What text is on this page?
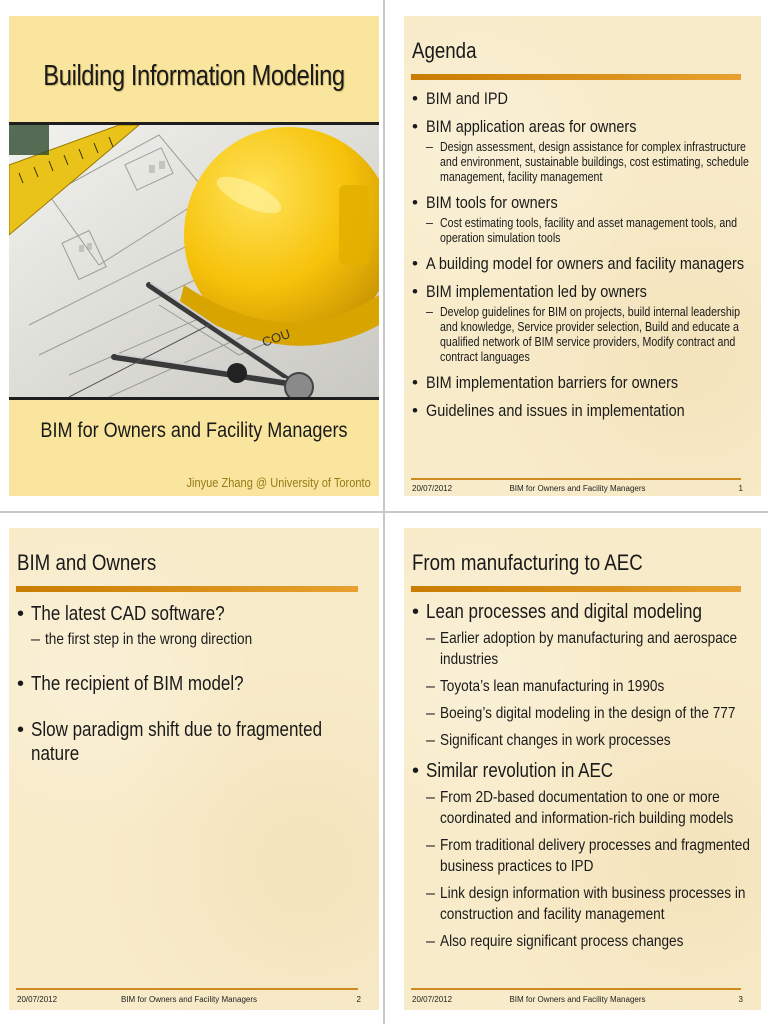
Building Information Modeling
COU
BIM for Owners and Facility Managers
Jinyue Zhang @ University of Toronto
Agenda
• BIM and IPD
• BIM application areas for owners
– Design assessment, design assistance for complex infrastructure and environment, sustainable buildings, cost estimating, schedule management, facility management
• BIM tools for owners
– Cost estimating tools, facility and asset management tools, and operation simulation tools
• A building model for owners and facility managers
• BIM implementation led by owners
– Develop guidelines for BIM on projects, build internal leadership and knowledge, Service provider selection, Build and educate a qualified network of BIM service providers, Modify contract and contract languages
• BIM implementation barriers for owners
• Guidelines and issues in implementation
20/07/2012	BIM for Owners and Facility Managers	1
BIM and Owners
• The latest CAD software?
– the first step in the wrong direction
• The recipient of BIM model?
• Slow paradigm shift due to fragmented nature
20/07/2012	BIM for Owners and Facility Managers	2
From manufacturing to AEC
• Lean processes and digital modeling
– Earlier adoption by manufacturing and aerospace industries
– Toyota’s lean manufacturing in 1990s
– Boeing’s digital modeling in the design of the 777
– Significant changes in work processes
• Similar revolution in AEC
– From 2D-based documentation to one or more coordinated and information-rich building models
– From traditional delivery processes and fragmented business practices to IPD
– Link design information with business processes in construction and facility management
– Also require significant process changes
20/07/2012	BIM for Owners and Facility Managers	3
